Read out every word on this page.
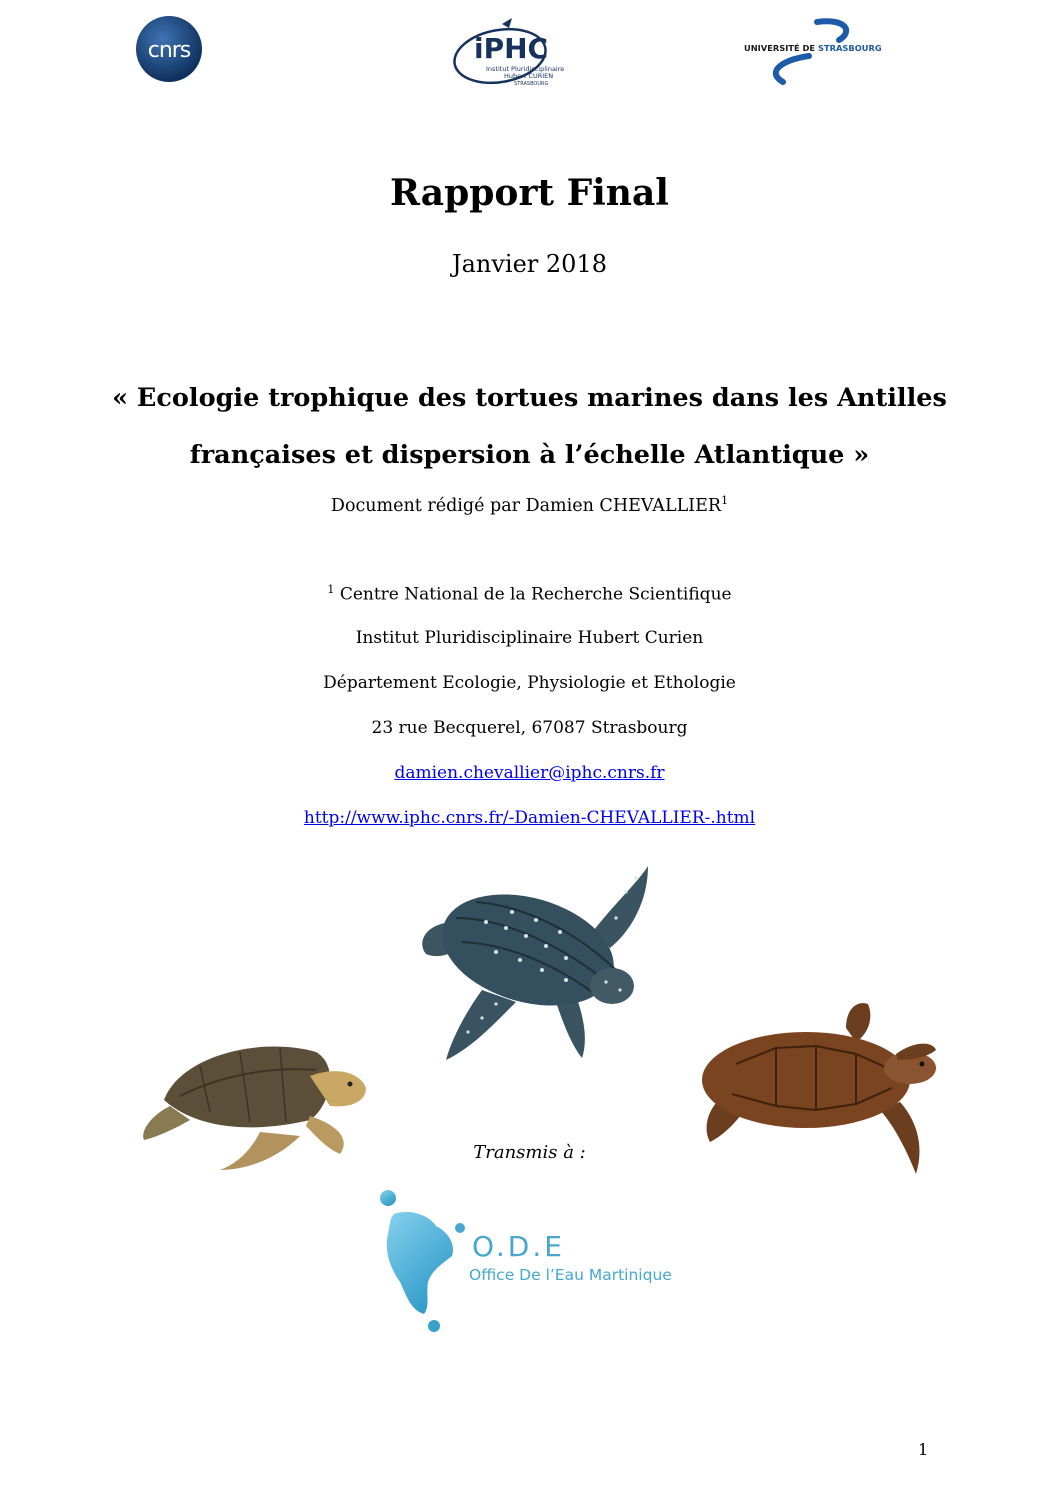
cnrs	iPHC
Institut Pluridisciplinaire
Hubert CURIEN
STRASBOURG
UNIVERSITÉ DE STRASBOURG
Rapport Final
Janvier 2018
« Ecologie trophique des tortues marines dans les Antilles
françaises et dispersion à l’échelle Atlantique »
Document rédigé par Damien CHEVALLIER$^1$
$^1$ Centre National de la Recherche Scientifique
Institut Pluridisciplinaire Hubert Curien
Département Ecologie, Physiologie et Ethologie
23 rue Becquerel, 67087 Strasbourg
damien.chevallier@iphc.cnrs.fr
http://www.iphc.cnrs.fr/-Damien-CHEVALLIER-.html
Transmis à :
O.D.E
Office De l’Eau Martinique
1
